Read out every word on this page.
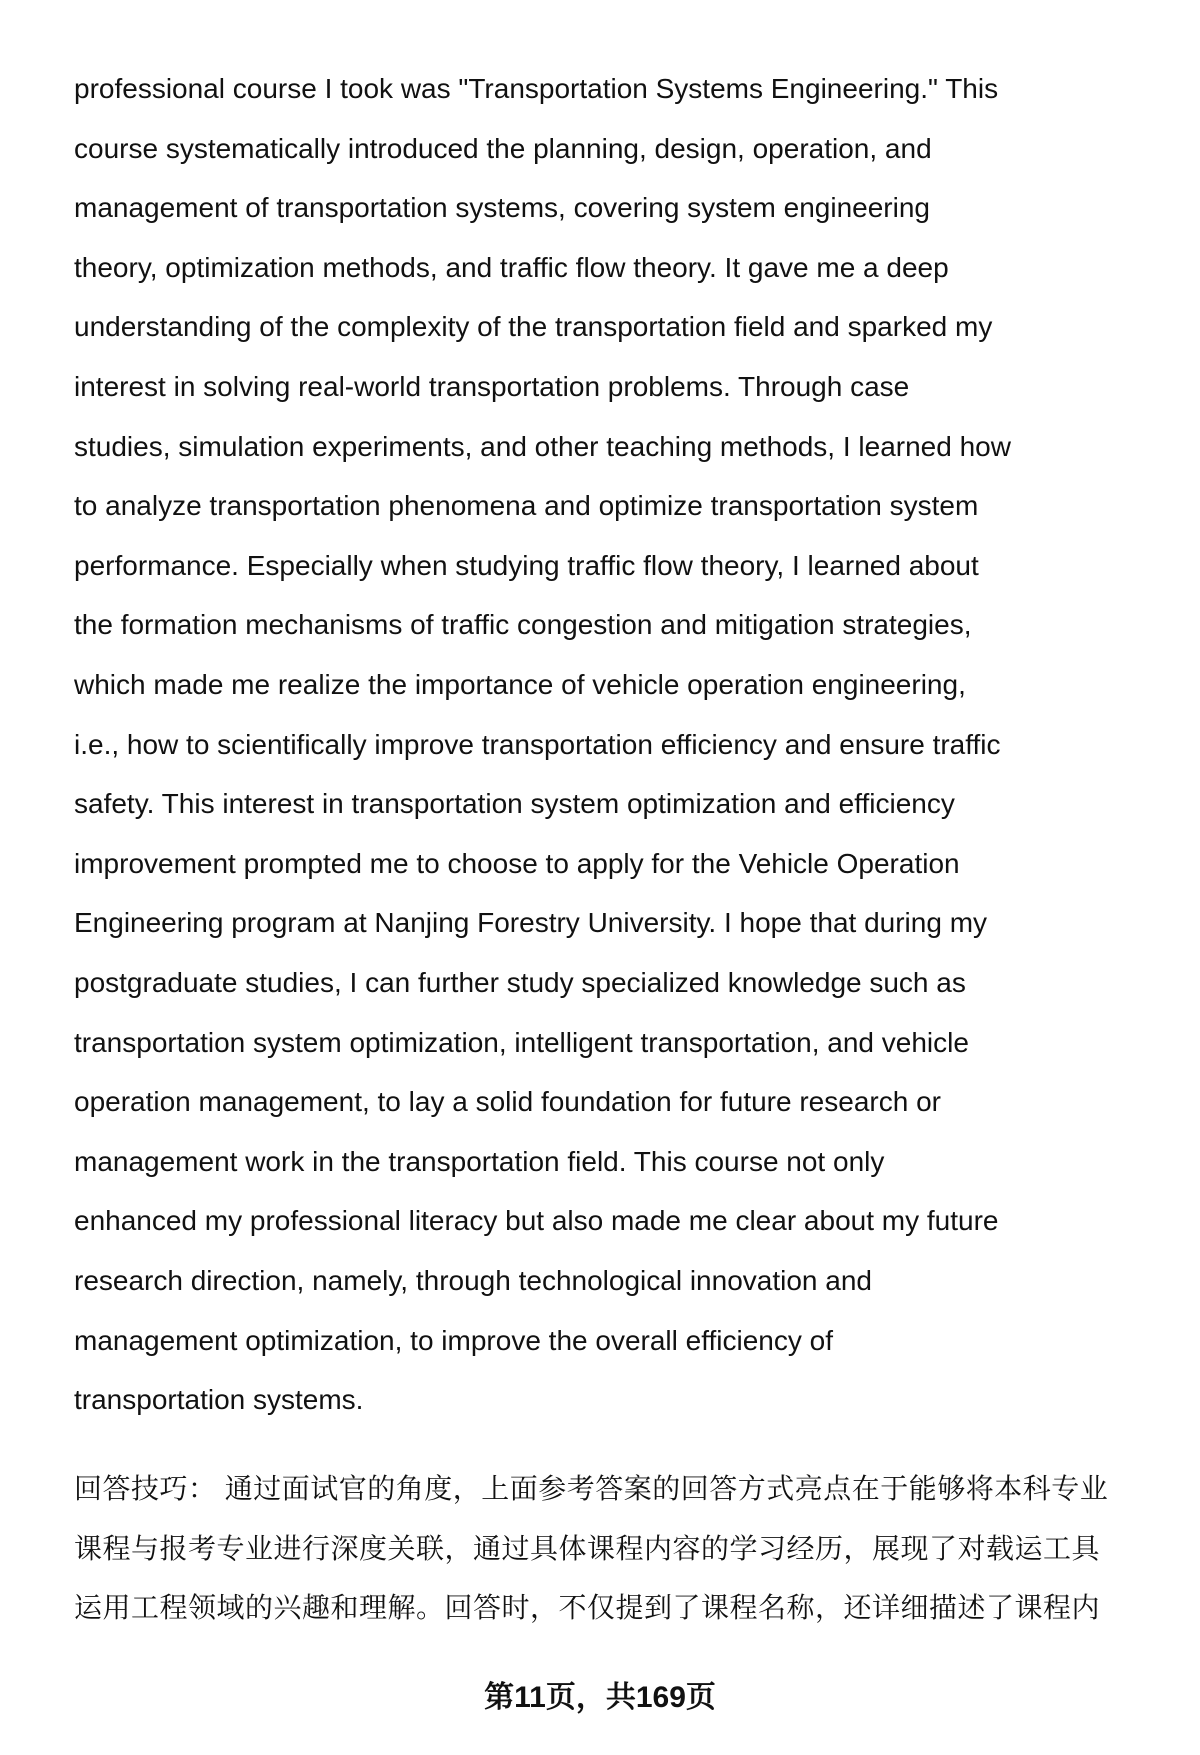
professional course I took was "Transportation Systems Engineering." This
course systematically introduced the planning, design, operation, and
management of transportation systems, covering system engineering
theory, optimization methods, and traffic flow theory. It gave me a deep
understanding of the complexity of the transportation field and sparked my
interest in solving real-world transportation problems. Through case
studies, simulation experiments, and other teaching methods, I learned how
to analyze transportation phenomena and optimize transportation system
performance. Especially when studying traffic flow theory, I learned about
the formation mechanisms of traffic congestion and mitigation strategies,
which made me realize the importance of vehicle operation engineering,
i.e., how to scientifically improve transportation efficiency and ensure traffic
safety. This interest in transportation system optimization and efficiency
improvement prompted me to choose to apply for the Vehicle Operation
Engineering program at Nanjing Forestry University. I hope that during my
postgraduate studies, I can further study specialized knowledge such as
transportation system optimization, intelligent transportation, and vehicle
operation management, to lay a solid foundation for future research or
management work in the transportation field. This course not only
enhanced my professional literacy but also made me clear about my future
research direction, namely, through technological innovation and
management optimization, to improve the overall efficiency of
transportation systems.
回答技巧： 通过面试官的角度，上面参考答案的回答方式亮点在于能够将本科专业
课程与报考专业进行深度关联，通过具体课程内容的学习经历，展现了对载运工具
运用工程领域的兴趣和理解。回答时，不仅提到了课程名称，还详细描述了课程内
第11页，共169页
